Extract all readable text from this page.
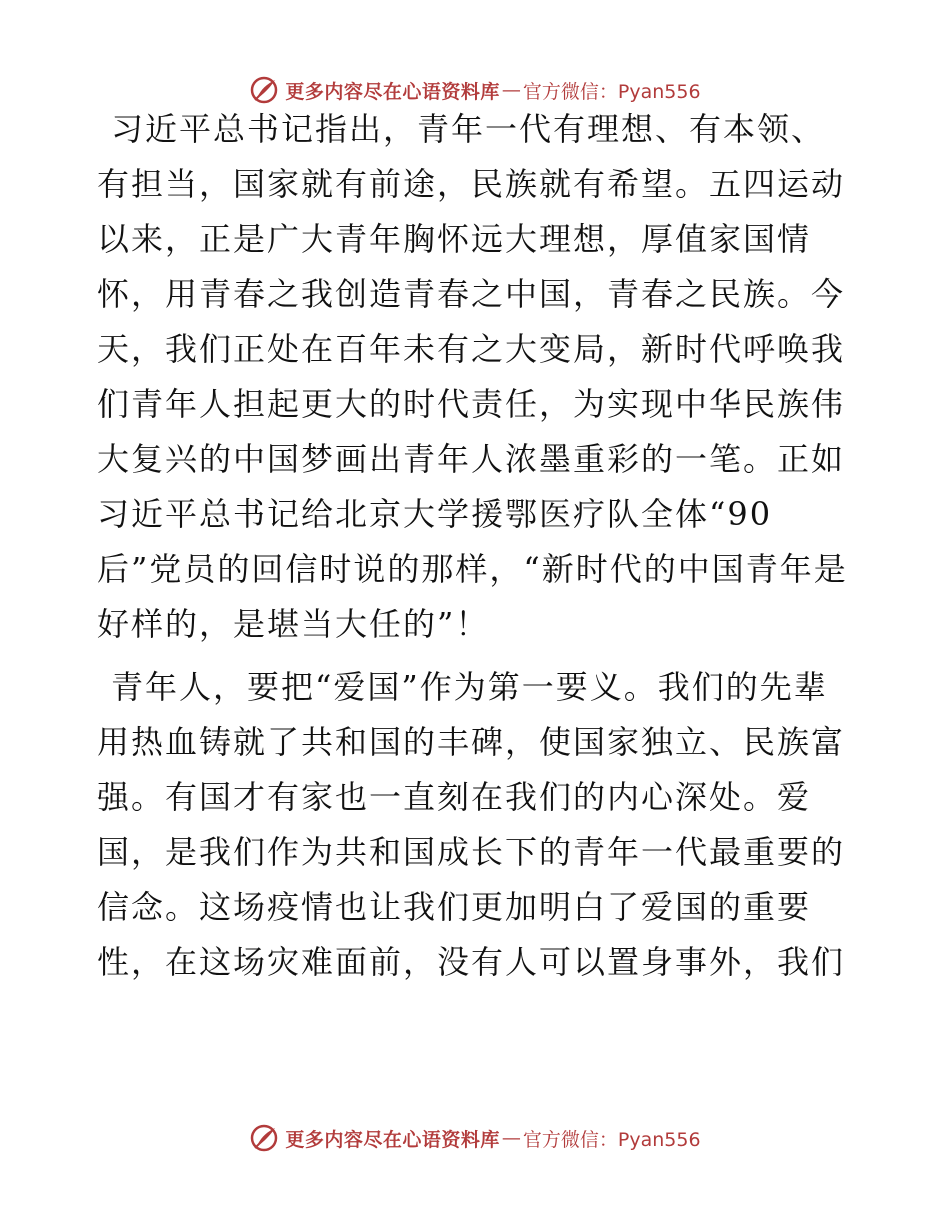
更多内容尽在心语资料库 — 官方微信：Pyan556

习近平总书记指出，青年一代有理想、有本领、有担当，国家就有前途，民族就有希望。五四运动以来，正是广大青年胸怀远大理想，厚值家国情怀，用青春之我创造青春之中国，青春之民族。今天，我们正处在百年未有之大变局，新时代呼唤我们青年人担起更大的时代责任，为实现中华民族伟大复兴的中国梦画出青年人浓墨重彩的一笔。正如习近平总书记给北京大学援鄂医疗队全体“90后”党员的回信时说的那样，“新时代的中国青年是好样的，是堪当大任的”！

青年人，要把“爱国”作为第一要义。我们的先辈用热血铸就了共和国的丰碑，使国家独立、民族富强。有国才有家也一直刻在我们的内心深处。爱国，是我们作为共和国成长下的青年一代最重要的信念。这场疫情也让我们更加明白了爱国的重要性，在这场灾难面前，没有人可以置身事外，我们

更多内容尽在心语资料库 — 官方微信：Pyan556
